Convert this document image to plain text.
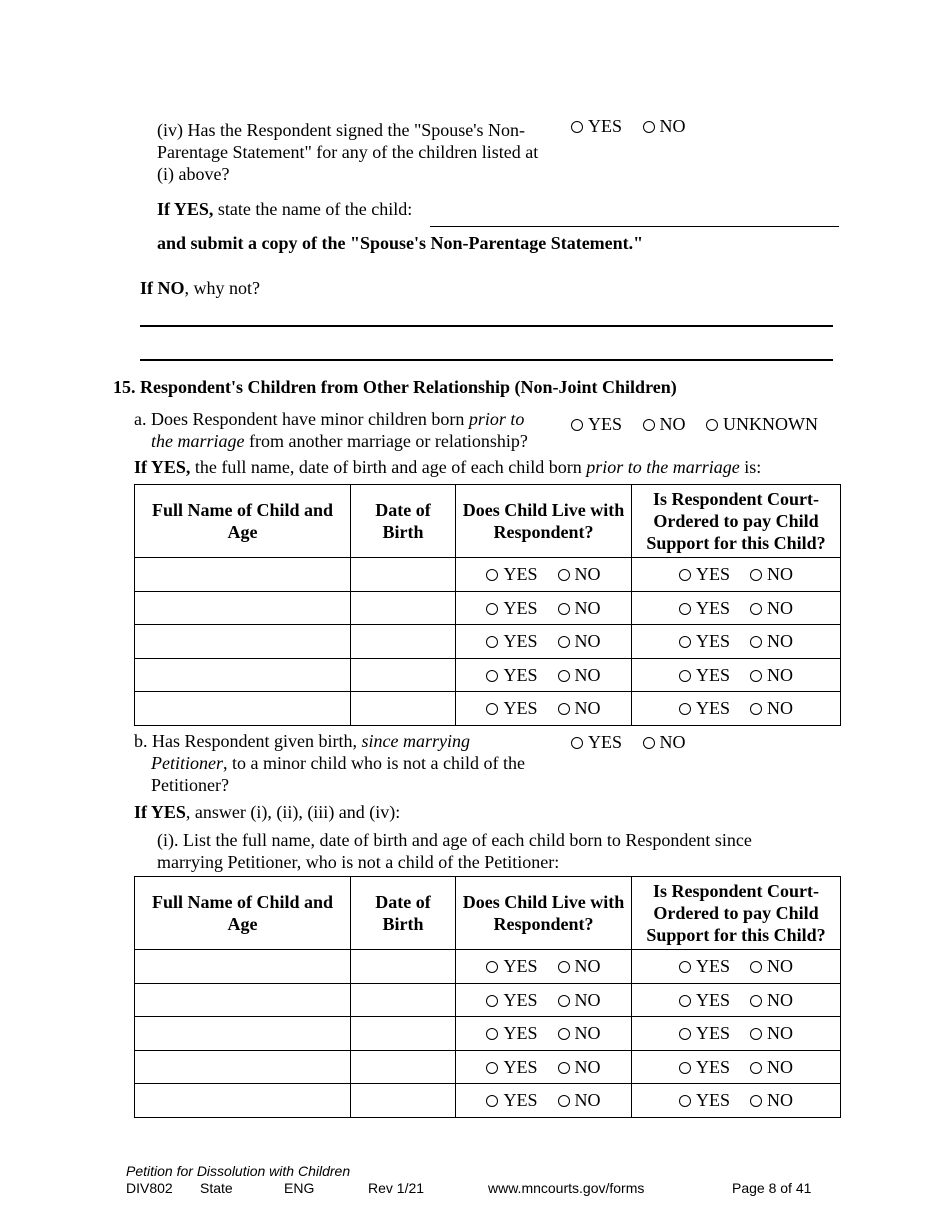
(iv) Has the Respondent signed the "Spouse's Non-Parentage Statement" for any of the children listed at (i) above?
YES NO
If YES, state the name of the child:
and submit a copy of the "Spouse's Non-Parentage Statement."
If NO, why not?
15. Respondent's Children from Other Relationship (Non-Joint Children)
a. Does Respondent have minor children born prior to
the marriage from another marriage or relationship?
YES NO UNKNOWN
If YES, the full name, date of birth and age of each child born prior to the marriage is:
Full Name of Child and Age	Date of Birth	Does Child Live with Respondent?	Is Respondent Court-Ordered to pay Child Support for this Child?
		YES NO	YES NO
		YES NO	YES NO
		YES NO	YES NO
		YES NO	YES NO
		YES NO	YES NO
b. Has Respondent given birth, since marrying
Petitioner, to a minor child who is not a child of the
Petitioner?
YES NO
If YES, answer (i), (ii), (iii) and (iv):
(i). List the full name, date of birth and age of each child born to Respondent since marrying Petitioner, who is not a child of the Petitioner:
Full Name of Child and Age	Date of Birth	Does Child Live with Respondent?	Is Respondent Court-Ordered to pay Child Support for this Child?
		YES NO	YES NO
		YES NO	YES NO
		YES NO	YES NO
		YES NO	YES NO
		YES NO	YES NO
Petition for Dissolution with Children
DIV802 State	ENG	Rev 1/21	www.mncourts.gov/forms	Page 8 of 41
